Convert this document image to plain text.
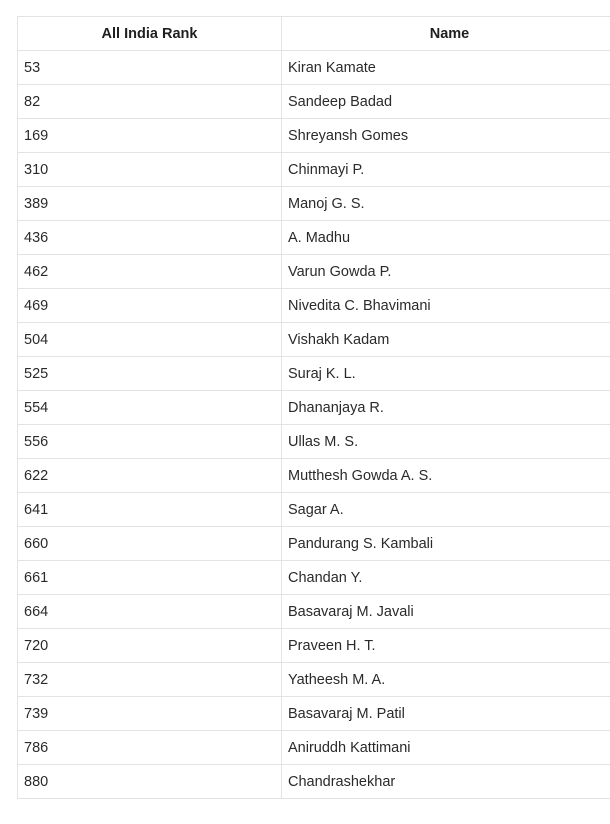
All India Rank	Name
53	Kiran Kamate
82	Sandeep Badad
169	Shreyansh Gomes
310	Chinmayi P.
389	Manoj G. S.
436	A. Madhu
462	Varun Gowda P.
469	Nivedita C. Bhavimani
504	Vishakh Kadam
525	Suraj K. L.
554	Dhananjaya R.
556	Ullas M. S.
622	Mutthesh Gowda A. S.
641	Sagar A.
660	Pandurang S. Kambali
661	Chandan Y.
664	Basavaraj M. Javali
720	Praveen H. T.
732	Yatheesh M. A.
739	Basavaraj M. Patil
786	Aniruddh Kattimani
880	Chandrashekhar
